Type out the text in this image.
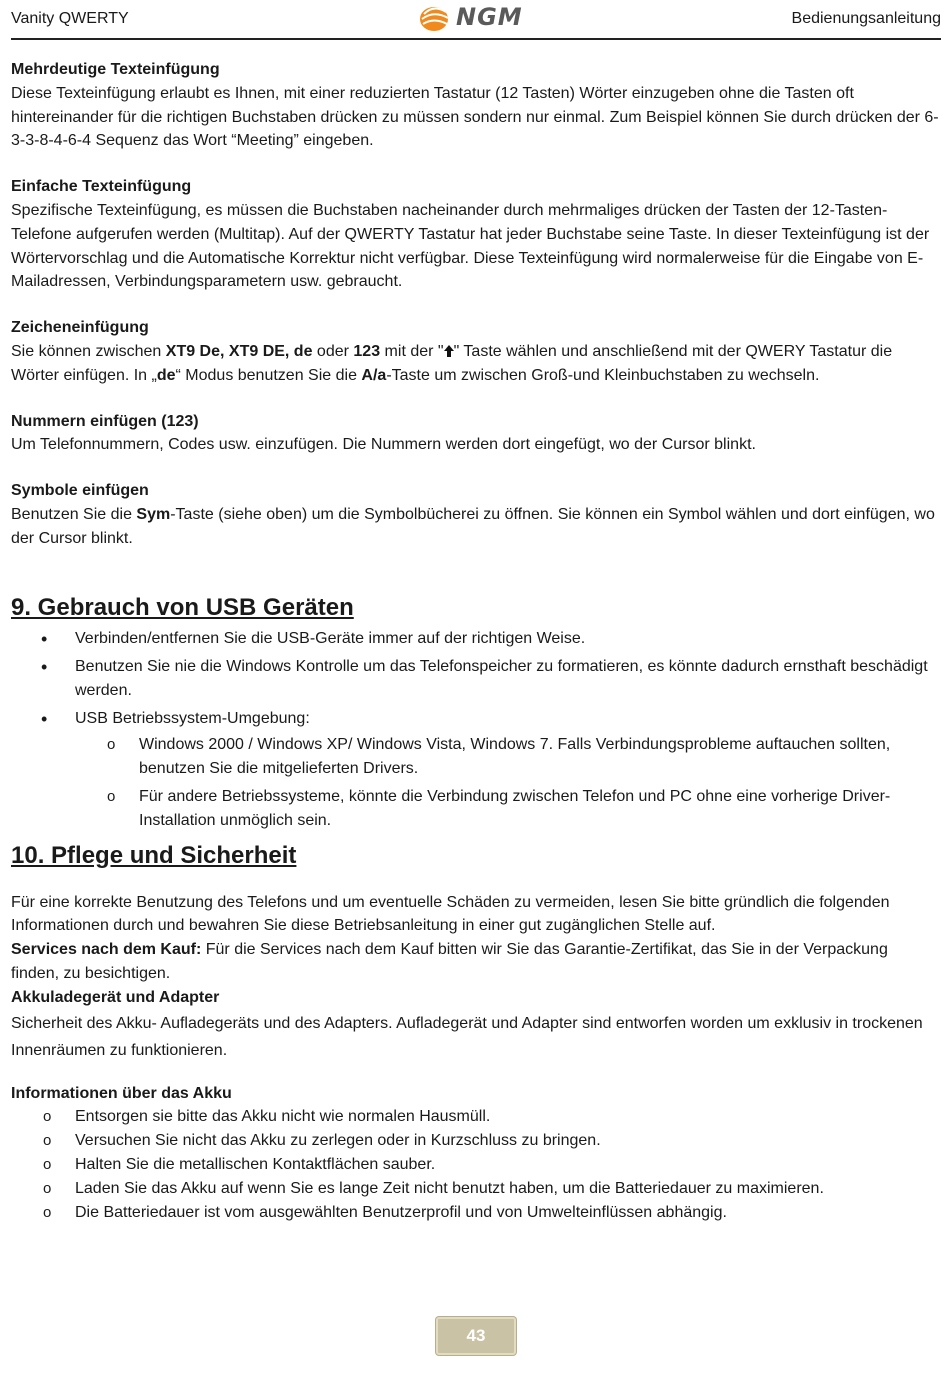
Vanity QWERTY	NGM	Bedienungsanleitung

Mehrdeutige Texteinfügung

Diese Texteinfügung erlaubt es Ihnen, mit einer reduzierten Tastatur (12 Tasten) Wörter einzugeben ohne die Tasten oft hintereinander für die richtigen Buchstaben drücken zu müssen sondern nur einmal. Zum Beispiel können Sie durch drücken der 6-3-3-8-4-6-4 Sequenz das Wort “Meeting” eingeben.

Einfache Texteinfügung

Spezifische Texteinfügung, es müssen die Buchstaben nacheinander durch mehrmaliges drücken der Tasten der 12-Tasten-Telefone aufgerufen werden (Multitap). Auf der QWERTY Tastatur hat jeder Buchstabe seine Taste. In dieser Texteinfügung ist der Wörtervorschlag und die Automatische Korrektur nicht verfügbar. Diese Texteinfügung wird normalerweise für die Eingabe von E-Mailadressen, Verbindungsparametern usw. gebraucht.

Zeicheneinfügung

Sie können zwischen XT9 De, XT9 DE, de oder 123 mit der " " Taste wählen und anschließend mit der QWERY Tastatur die Wörter einfügen. In „de“ Modus benutzen Sie die A/a-Taste um zwischen Groß-und Kleinbuchstaben zu wechseln.

Nummern einfügen (123)

Um Telefonnummern, Codes usw. einzufügen. Die Nummern werden dort eingefügt, wo der Cursor blinkt.

Symbole einfügen

Benutzen Sie die Sym-Taste (siehe oben) um die Symbolbücherei zu öffnen. Sie können ein Symbol wählen und dort einfügen, wo der Cursor blinkt.

9. Gebrauch von USB Geräten

• Verbinden/entfernen Sie die USB-Geräte immer auf der richtigen Weise.
• Benutzen Sie nie die Windows Kontrolle um das Telefonspeicher zu formatieren, es könnte dadurch ernsthaft beschädigt werden.
• USB Betriebssystem-Umgebung:
o Windows 2000 / Windows XP/ Windows Vista, Windows 7. Falls Verbindungsprobleme auftauchen sollten, benutzen Sie die mitgelieferten Drivers.
o Für andere Betriebssysteme, könnte die Verbindung zwischen Telefon und PC ohne eine vorherige Driver-Installation unmöglich sein.

10. Pflege und Sicherheit

Für eine korrekte Benutzung des Telefons und um eventuelle Schäden zu vermeiden, lesen Sie bitte gründlich die folgenden Informationen durch und bewahren Sie diese Betriebsanleitung in einer gut zugänglichen Stelle auf.

Services nach dem Kauf: Für die Services nach dem Kauf bitten wir Sie das Garantie-Zertifikat, das Sie in der Verpackung finden, zu besichtigen.

Akkuladegerät und Adapter

Sicherheit des Akku- Aufladegeräts und des Adapters. Aufladegerät und Adapter sind entworfen worden um exklusiv in trockenen Innenräumen zu funktionieren.

Informationen über das Akku

o Entsorgen sie bitte das Akku nicht wie normalen Hausmüll.
o Versuchen Sie nicht das Akku zu zerlegen oder in Kurzschluss zu bringen.
o Halten Sie die metallischen Kontaktflächen sauber.
o Laden Sie das Akku auf wenn Sie es lange Zeit nicht benutzt haben, um die Batteriedauer zu maximieren.
o Die Batteriedauer ist vom ausgewählten Benutzerprofil und von Umwelteinflüssen abhängig.
43
